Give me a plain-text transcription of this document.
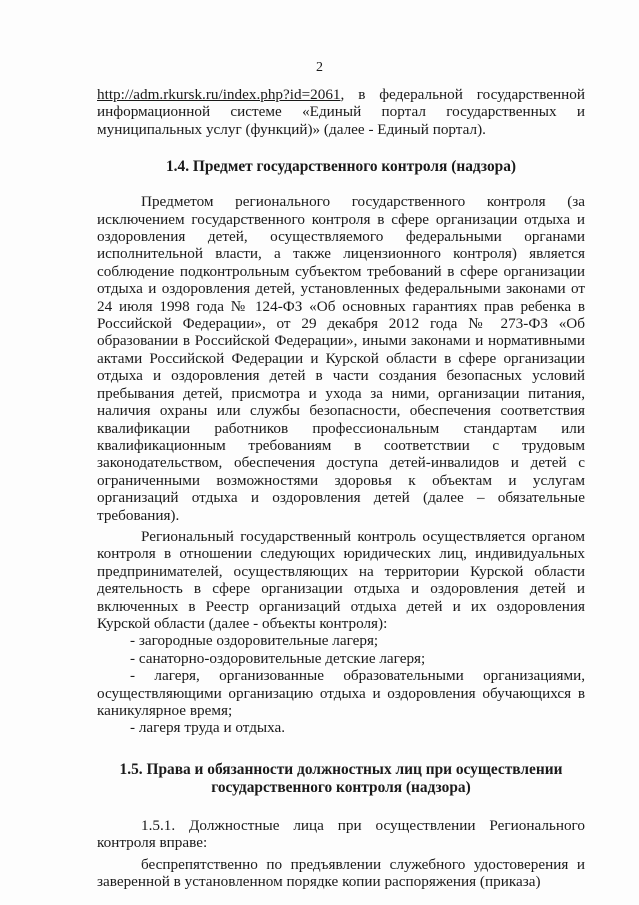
2

http://adm.rkursk.ru/index.php?id=2061, в федеральной государственной информационной системе «Единый портал государственных и муниципальных услуг (функций)» (далее - Единый портал).

1.4. Предмет государственного контроля (надзора)

Предметом регионального государственного контроля (за исключением государственного контроля в сфере организации отдыха и оздоровления детей, осуществляемого федеральными органами исполнительной власти, а также лицензионного контроля) является соблюдение подконтрольным субъектом требований в сфере организации отдыха и оздоровления детей, установленных федеральными законами от 24 июля 1998 года № 124-ФЗ «Об основных гарантиях прав ребенка в Российской Федерации», от 29 декабря 2012 года № 273-ФЗ «Об образовании в Российской Федерации», иными законами и нормативными актами Российской Федерации и Курской области в сфере организации отдыха и оздоровления детей в части создания безопасных условий пребывания детей, присмотра и ухода за ними, организации питания, наличия охраны или службы безопасности, обеспечения соответствия квалификации работников профессиональным стандартам или квалификационным требованиям в соответствии с трудовым законодательством, обеспечения доступа детей-инвалидов и детей с ограниченными возможностями здоровья к объектам и услугам организаций отдыха и оздоровления детей (далее – обязательные требования).

Региональный государственный контроль осуществляется органом контроля в отношении следующих юридических лиц, индивидуальных предпринимателей, осуществляющих на территории Курской области деятельность в сфере организации отдыха и оздоровления детей и включенных в Реестр организаций отдыха детей и их оздоровления Курской области (далее - объекты контроля):

- загородные оздоровительные лагеря;

- санаторно-оздоровительные детские лагеря;

- лагеря, организованные образовательными организациями, осуществляющими организацию отдыха и оздоровления обучающихся в каникулярное время;

- лагеря труда и отдыха.

1.5. Права и обязанности должностных лиц при осуществлении
государственного контроля (надзора)

1.5.1. Должностные лица при осуществлении Регионального контроля вправе:

беспрепятственно по предъявлении служебного удостоверения и заверенной в установленном порядке копии распоряжения (приказа)
